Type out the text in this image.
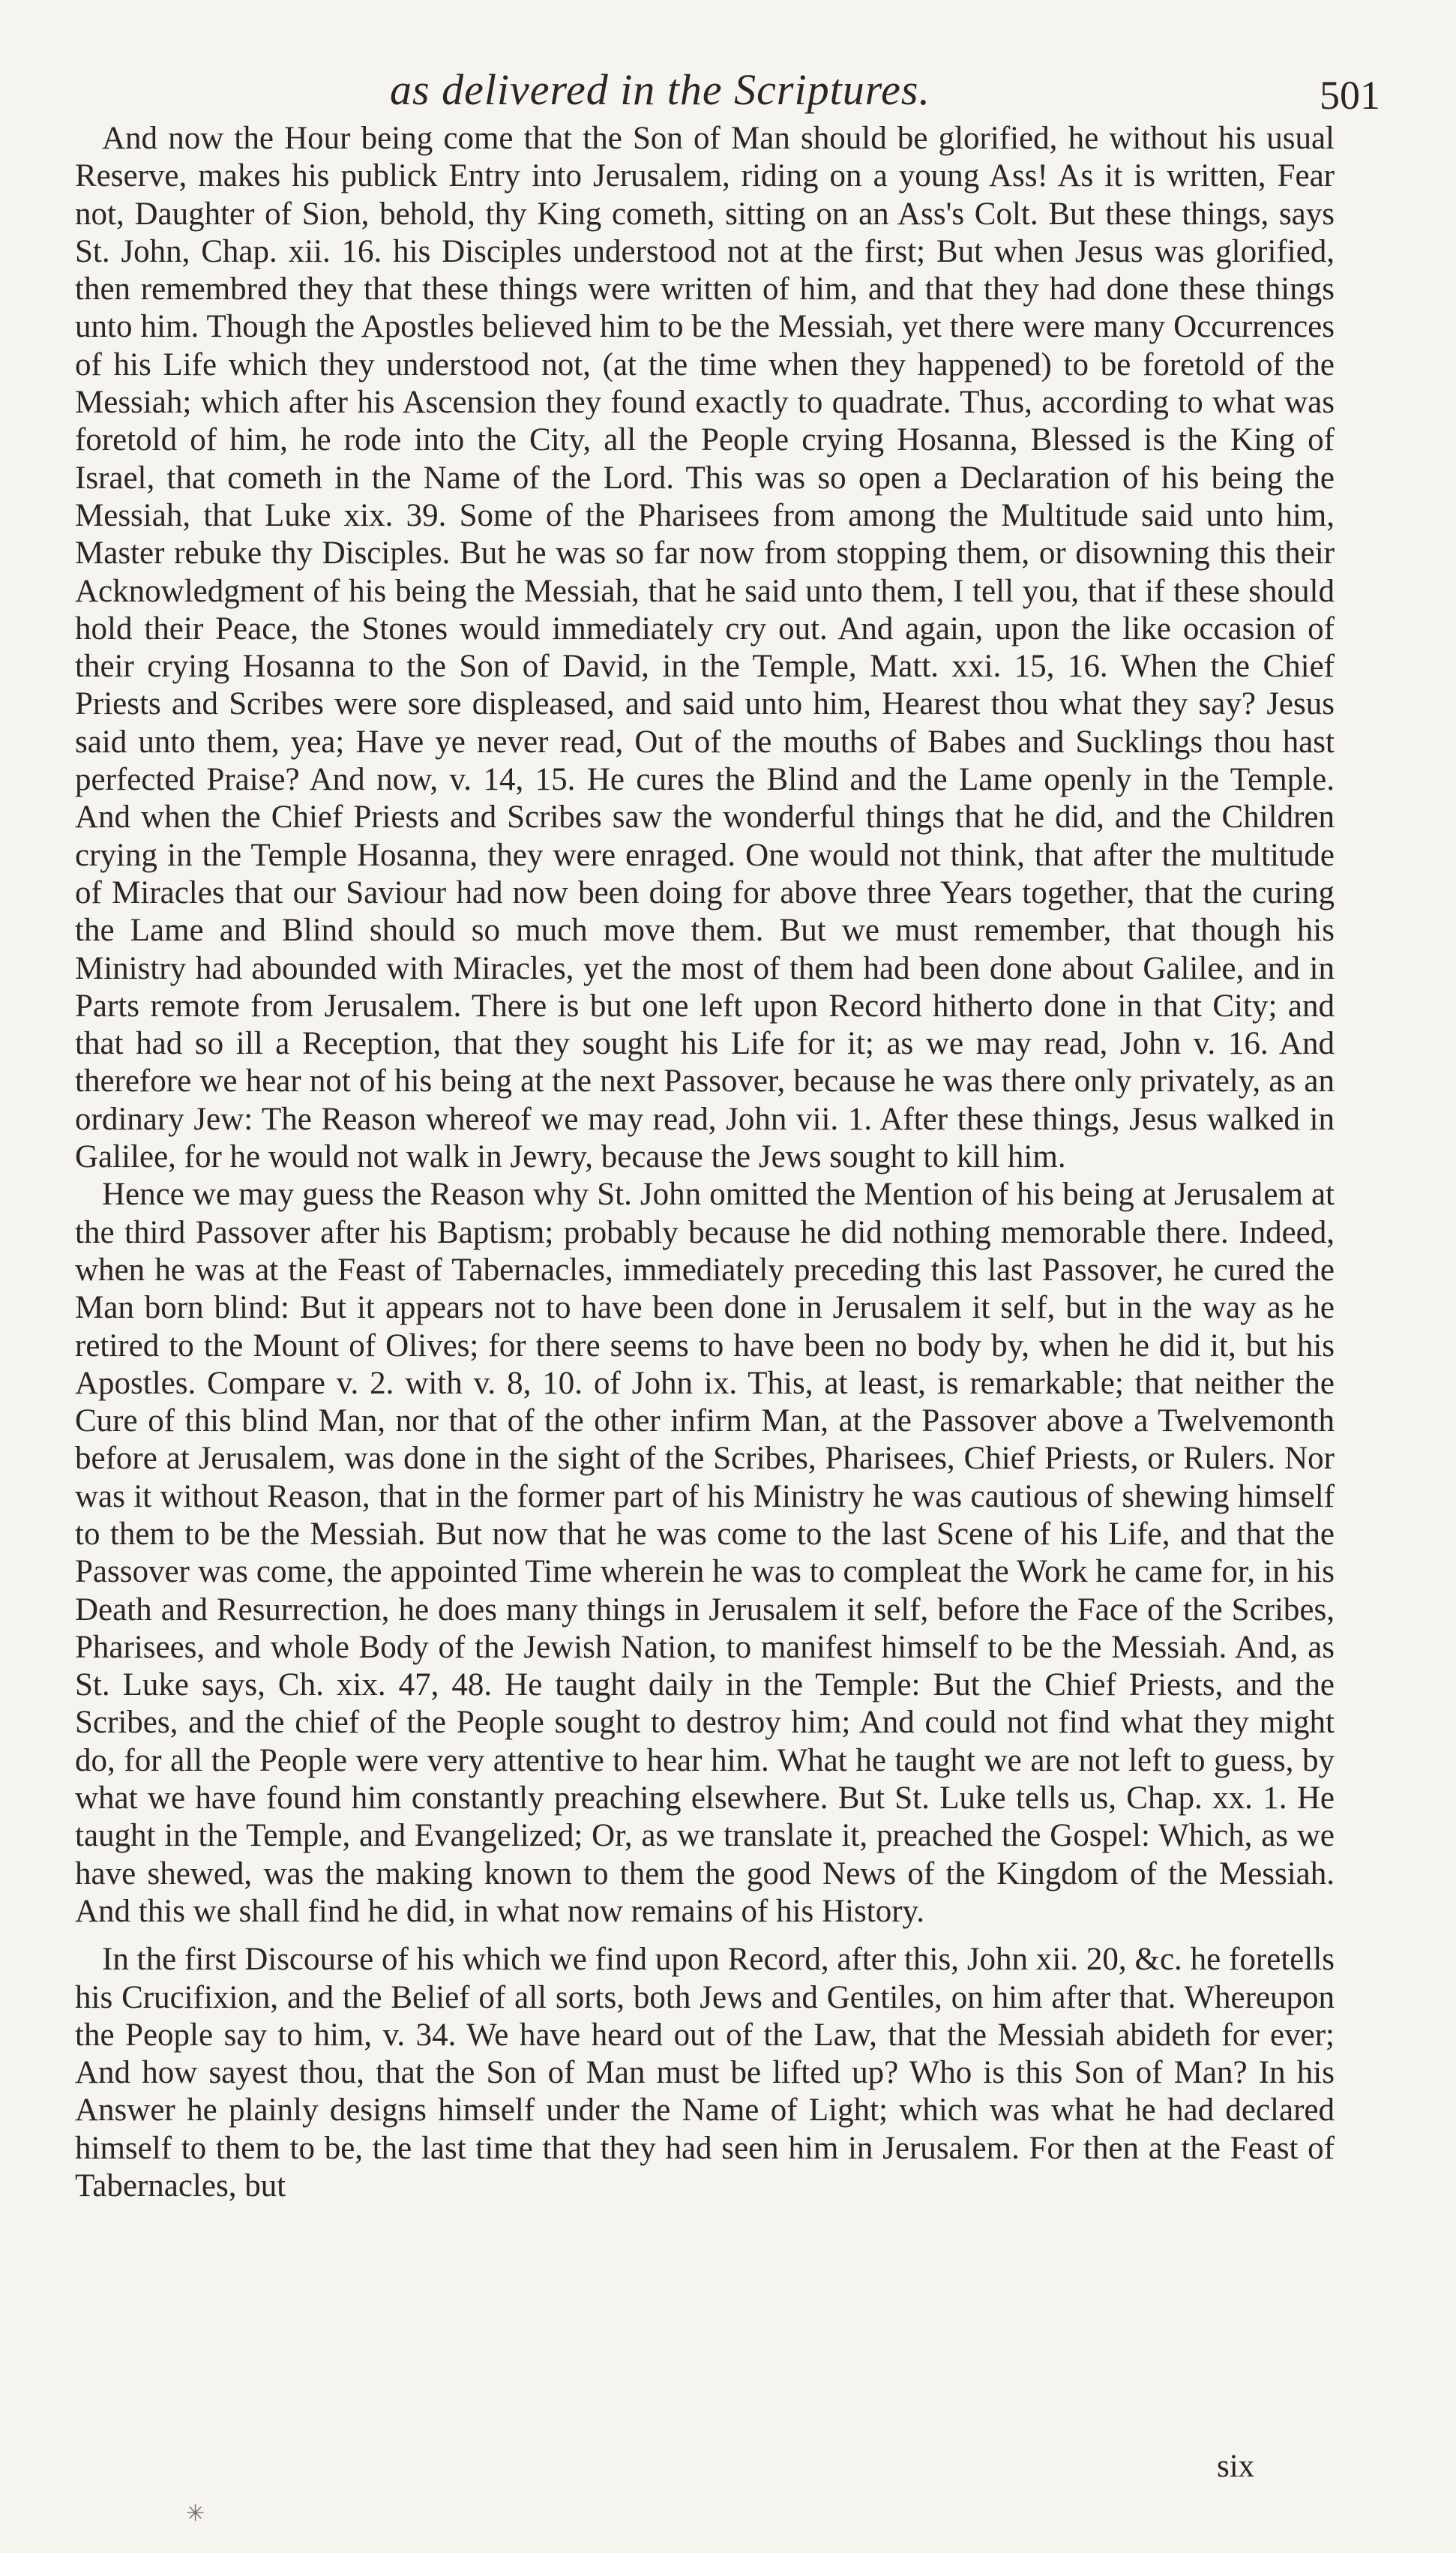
as delivered in the Scriptures.	501

And now the Hour being come that the Son of Man should be glorified, he without his usual Reserve, makes his publick Entry into Jerusalem, riding on a young Ass! As it is written, Fear not, Daughter of Sion, behold, thy King cometh, sitting on an Ass's Colt. But these things, says St. John, Chap. xii. 16. his Disciples understood not at the first; But when Jesus was glorified, then remembred they that these things were written of him, and that they had done these things unto him. Though the Apostles believed him to be the Messiah, yet there were many Occurrences of his Life which they understood not, (at the time when they happened) to be foretold of the Messiah; which after his Ascension they found exactly to quadrate. Thus, according to what was foretold of him, he rode into the City, all the People crying Hosanna, Blessed is the King of Israel, that cometh in the Name of the Lord. This was so open a Declaration of his being the Messiah, that Luke xix. 39. Some of the Pharisees from among the Multitude said unto him, Master rebuke thy Disciples. But he was so far now from stopping them, or disowning this their Acknowledgment of his being the Messiah, that he said unto them, I tell you, that if these should hold their Peace, the Stones would immediately cry out. And again, upon the like occasion of their crying Hosanna to the Son of David, in the Temple, Matt. xxi. 15, 16. When the Chief Priests and Scribes were sore displeased, and said unto him, Hearest thou what they say? Jesus said unto them, yea; Have ye never read, Out of the mouths of Babes and Sucklings thou hast perfected Praise? And now, v. 14, 15. He cures the Blind and the Lame openly in the Temple. And when the Chief Priests and Scribes saw the wonderful things that he did, and the Children crying in the Temple Hosanna, they were enraged. One would not think, that after the multitude of Miracles that our Saviour had now been doing for above three Years together, that the curing the Lame and Blind should so much move them. But we must remember, that though his Ministry had abounded with Miracles, yet the most of them had been done about Galilee, and in Parts remote from Jerusalem. There is but one left upon Record hitherto done in that City; and that had so ill a Reception, that they sought his Life for it; as we may read, John v. 16. And therefore we hear not of his being at the next Passover, because he was there only privately, as an ordinary Jew: The Reason whereof we may read, John vii. 1. After these things, Jesus walked in Galilee, for he would not walk in Jewry, because the Jews sought to kill him.

Hence we may guess the Reason why St. John omitted the Mention of his being at Jerusalem at the third Passover after his Baptism; probably because he did nothing memorable there. Indeed, when he was at the Feast of Tabernacles, immediately preceding this last Passover, he cured the Man born blind: But it appears not to have been done in Jerusalem it self, but in the way as he retired to the Mount of Olives; for there seems to have been no body by, when he did it, but his Apostles. Compare v. 2. with v. 8, 10. of John ix. This, at least, is remarkable; that neither the Cure of this blind Man, nor that of the other infirm Man, at the Passover above a Twelvemonth before at Jerusalem, was done in the sight of the Scribes, Pharisees, Chief Priests, or Rulers. Nor was it without Reason, that in the former part of his Ministry he was cautious of shewing himself to them to be the Messiah. But now that he was come to the last Scene of his Life, and that the Passover was come, the appointed Time wherein he was to compleat the Work he came for, in his Death and Resurrection, he does many things in Jerusalem it self, before the Face of the Scribes, Pharisees, and whole Body of the Jewish Nation, to manifest himself to be the Messiah. And, as St. Luke says, Ch. xix. 47, 48. He taught daily in the Temple: But the Chief Priests, and the Scribes, and the chief of the People sought to destroy him; And could not find what they might do, for all the People were very attentive to hear him. What he taught we are not left to guess, by what we have found him constantly preaching elsewhere. But St. Luke tells us, Chap. xx. 1. He taught in the Temple, and Evangelized; Or, as we translate it, preached the Gospel: Which, as we have shewed, was the making known to them the good News of the Kingdom of the Messiah. And this we shall find he did, in what now remains of his History.

In the first Discourse of his which we find upon Record, after this, John xii. 20, &c. he foretells his Crucifixion, and the Belief of all sorts, both Jews and Gentiles, on him after that. Whereupon the People say to him, v. 34. We have heard out of the Law, that the Messiah abideth for ever; And how sayest thou, that the Son of Man must be lifted up? Who is this Son of Man? In his Answer he plainly designs himself under the Name of Light; which was what he had declared himself to them to be, the last time that they had seen him in Jerusalem. For then at the Feast of Tabernacles, but

six
✳
